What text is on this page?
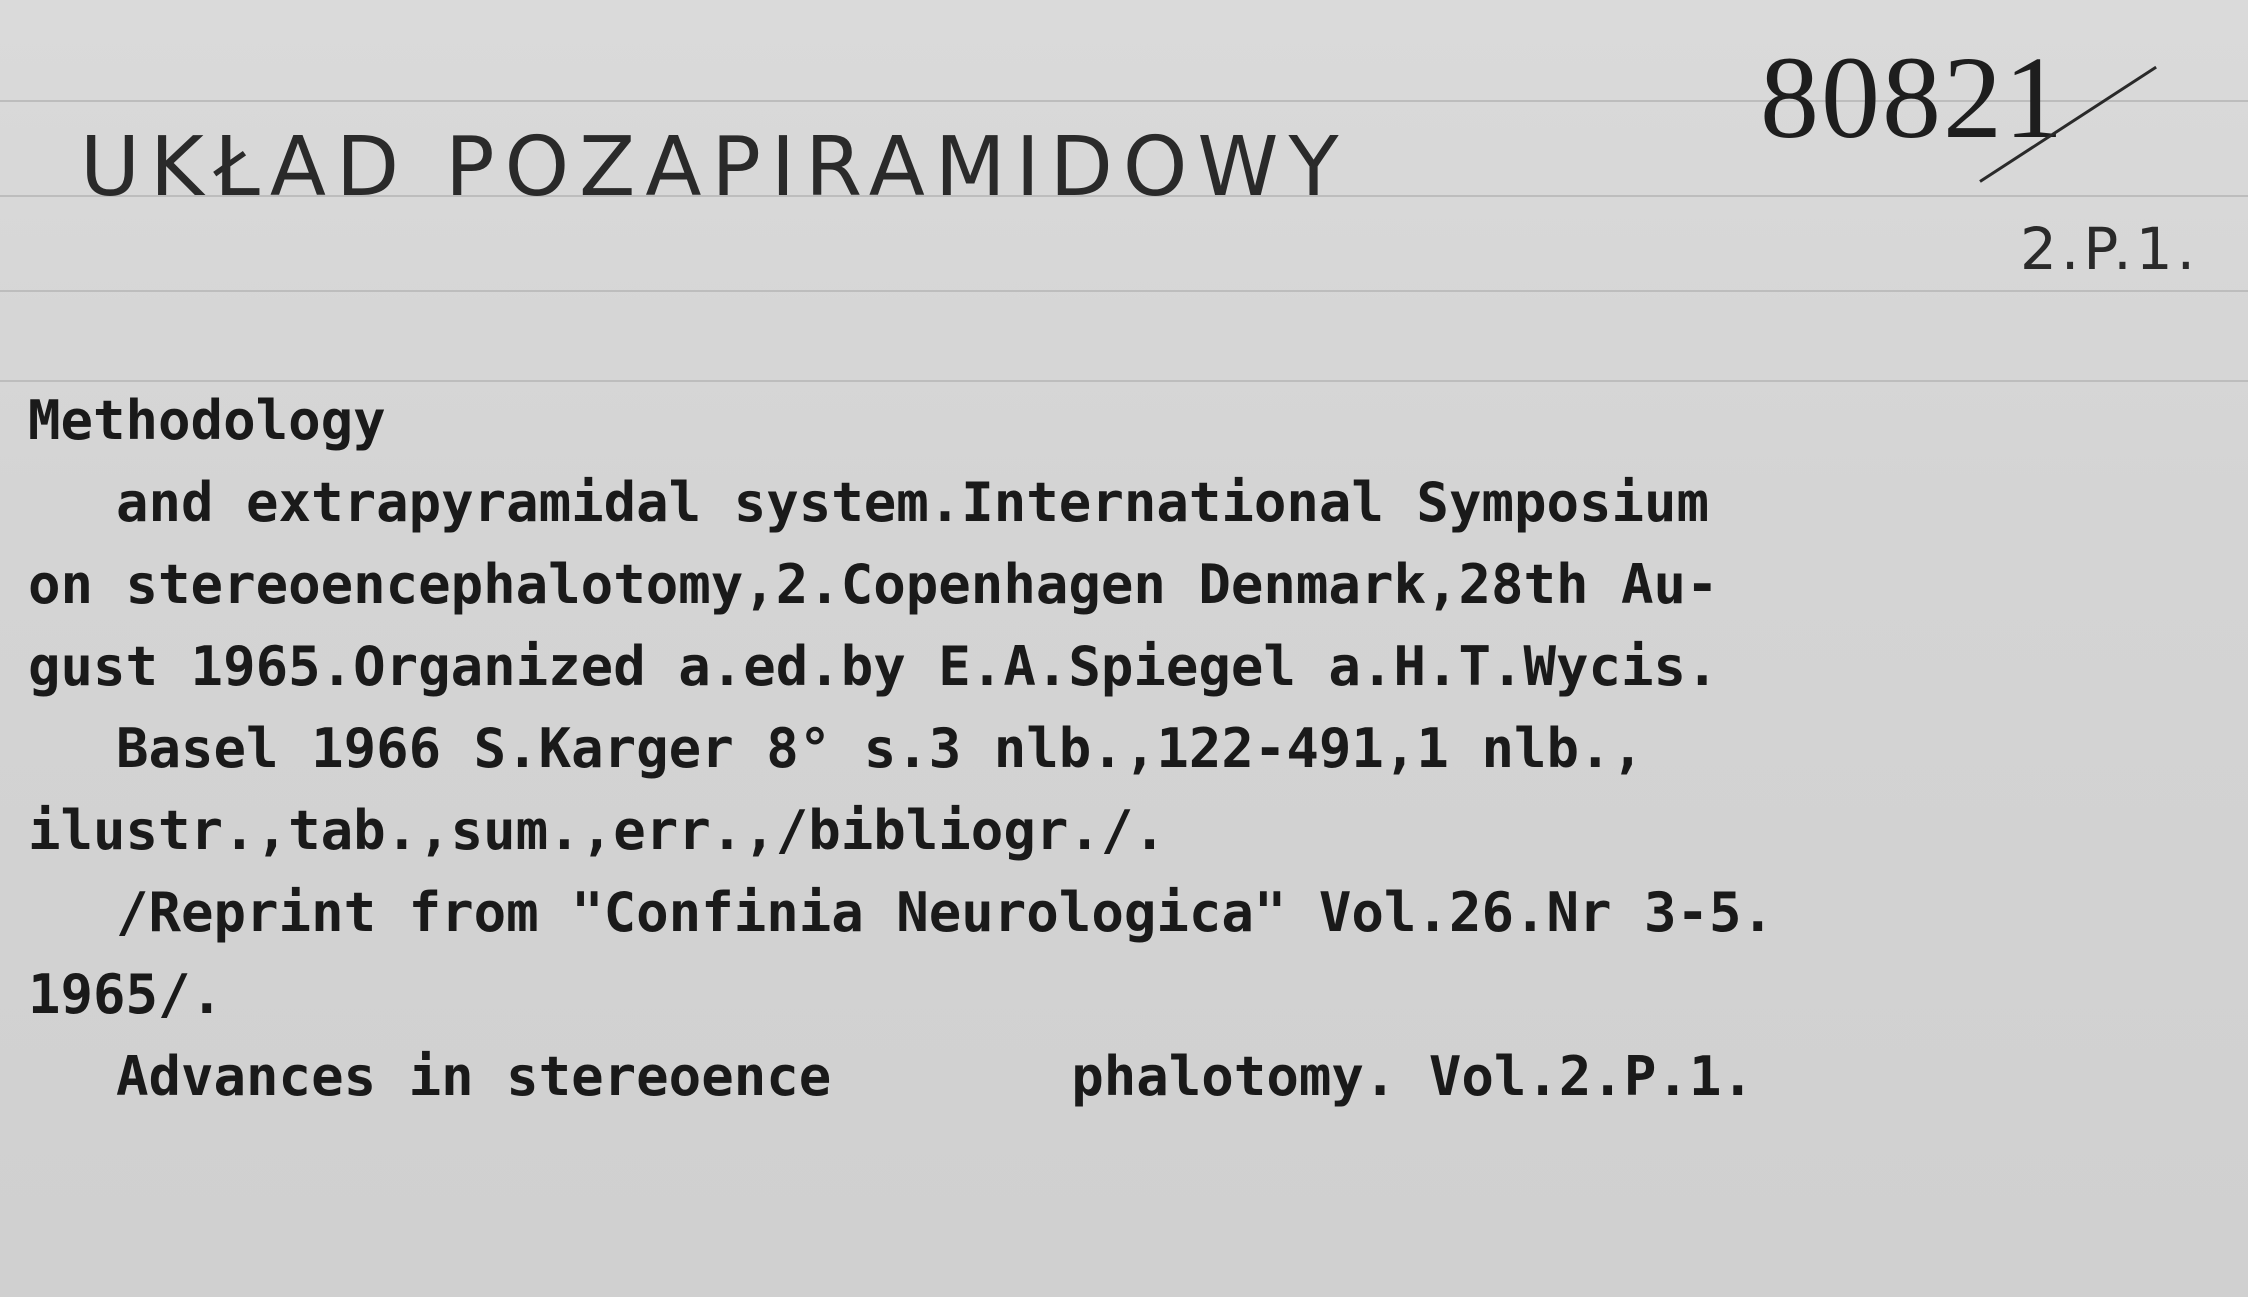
UKŁAD POZAPIRAMIDOWY
80821
2.P.1.
Methodology
and extrapyramidal system.International Symposium
on stereoencephalotomy,2.Copenhagen Denmark,28th Au-
gust 1965.Organized a.ed.by E.A.Spiegel a.H.T.Wycis.
Basel 1966 S.Karger 8° s.3 nlb.,122-491,1 nlb.,
ilustr.,tab.,sum.,err.,/bibliogr./.
/Reprint from "Confinia Neurologica" Vol.26.Nr 3-5.
1965/.
Advances in stereoence	phalotomy. Vol.2.P.1.
